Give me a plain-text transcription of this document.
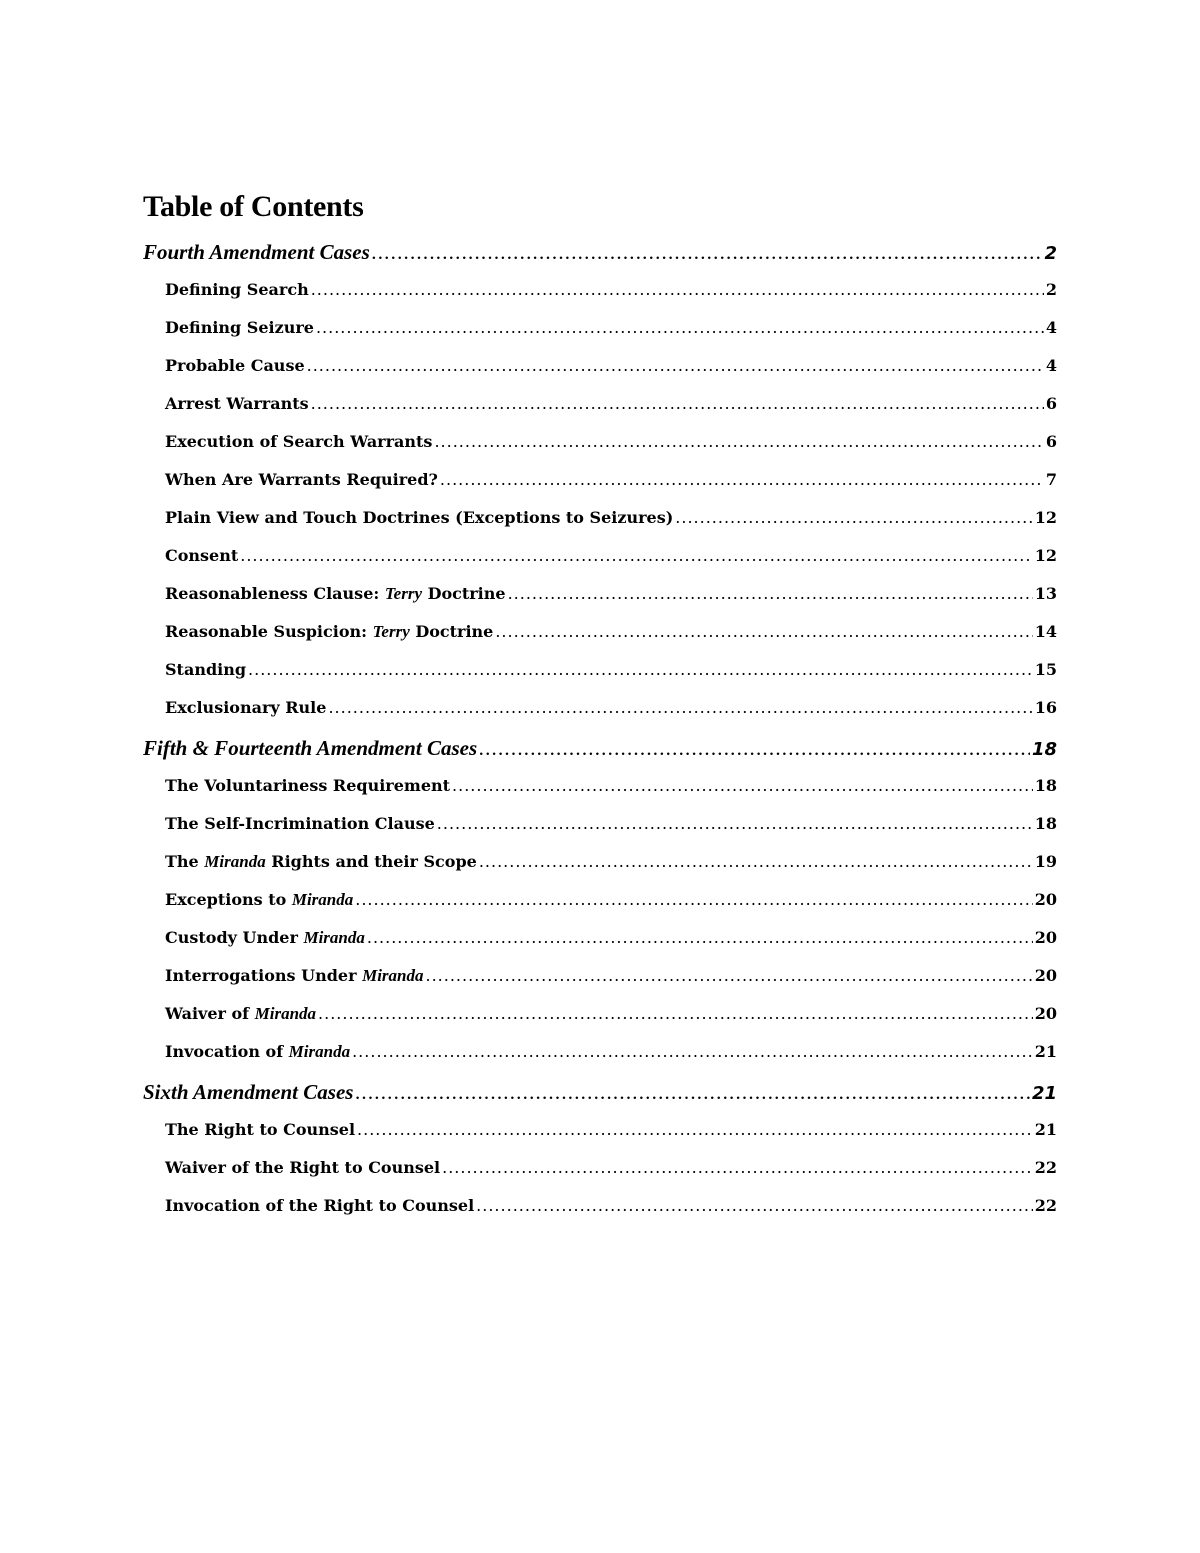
Table of Contents
Fourth Amendment Cases .....	2
Defining Search .....	2
Defining Seizure .....	4
Probable Cause .....	4
Arrest Warrants .....	6
Execution of Search Warrants .....	6
When Are Warrants Required? .....	7
Plain View and Touch Doctrines (Exceptions to Seizures) .....	12
Consent .....	12
Reasonableness Clause: Terry Doctrine .....	13
Reasonable Suspicion: Terry Doctrine .....	14
Standing .....	15
Exclusionary Rule .....	16
Fifth & Fourteenth Amendment Cases .....	18
The Voluntariness Requirement .....	18
The Self-Incrimination Clause .....	18
The Miranda Rights and their Scope .....	19
Exceptions to Miranda .....	20
Custody Under Miranda .....	20
Interrogations Under Miranda .....	20
Waiver of Miranda .....	20
Invocation of Miranda .....	21
Sixth Amendment Cases .....	21
The Right to Counsel .....	21
Waiver of the Right to Counsel .....	22
Invocation of the Right to Counsel .....	22
